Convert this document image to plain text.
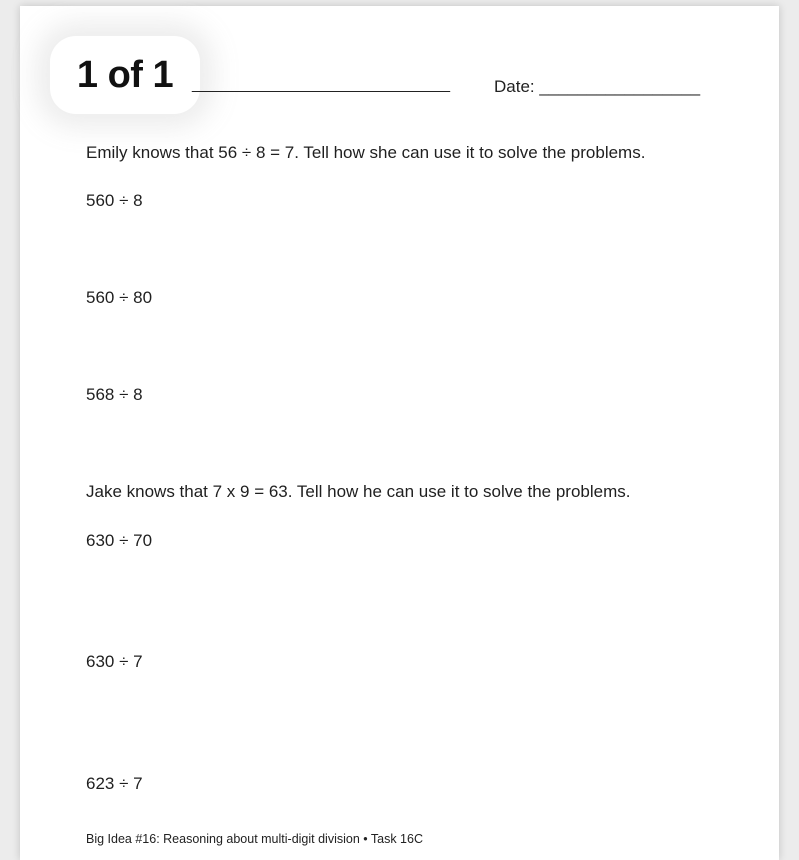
1 of 1	_____________________________	Date: _________________
Emily knows that 56 ÷ 8 = 7. Tell how she can use it to solve the problems.
560 ÷ 8
560 ÷ 80
568 ÷ 8
Jake knows that 7 x 9 = 63. Tell how he can use it to solve the problems.
630 ÷ 70
630 ÷ 7
623 ÷ 7
Big Idea #16: Reasoning about multi-digit division • Task 16C
